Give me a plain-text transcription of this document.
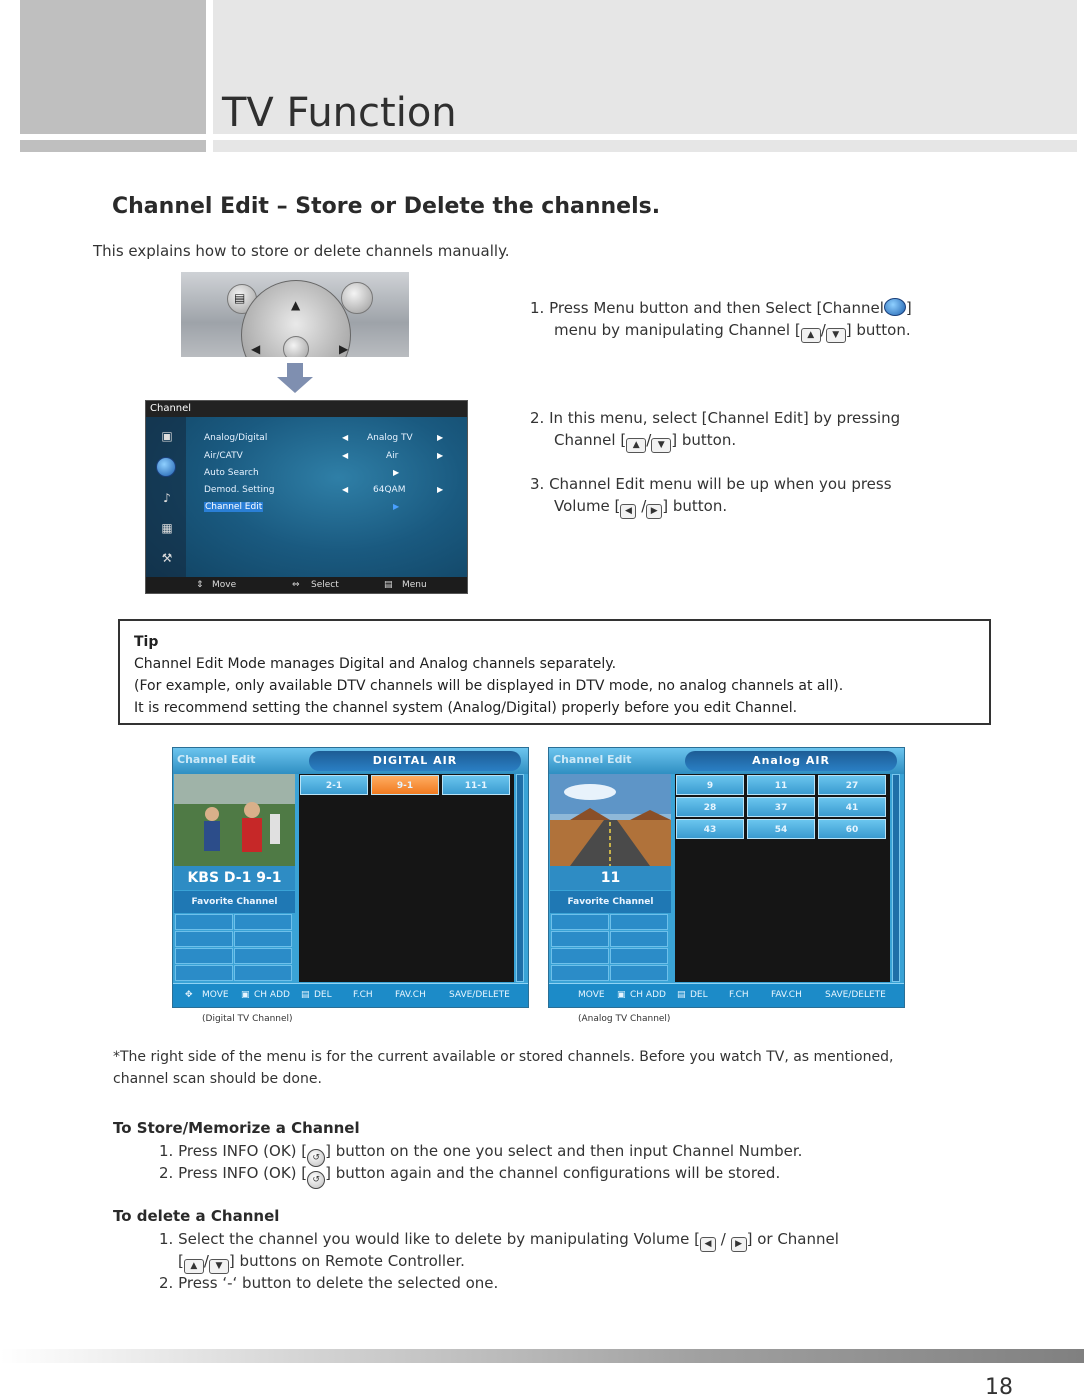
TV Function
Channel Edit – Store or Delete the channels.
This explains how to store or delete channels manually.
▤	▲
◀	▶
Channel
▣
♪
▦
⚒
Analog/Digital	◀ Analog TV	▶
Air/CATV	◀	Air	▶
Auto Search	▶
Demod. Setting	◀	64QAM	▶
Channel Edit	▶
⇕ Move	⇔ Select	▤ Menu
1. Press Menu button and then Select [Channel ]
menu by manipulating Channel [ ▲ / ▼ ] button.
2. In this menu, select [Channel Edit] by pressing
Channel [ ▲ / ▼ ] button.
3. Channel Edit menu will be up when you press
Volume [ ◀ / ▶ ] button.
Tip
Channel Edit Mode manages Digital and Analog channels separately.
(For example, only available DTV channels will be displayed in DTV mode, no analog channels at all).
It is recommend setting the channel system (Analog/Digital) properly before you edit Channel.
Channel Edit	DIGITAL AIR
KBS D-1 9-1
Favorite Channel
2-1	9-1	11-1
✥ MOVE ▣ CH ADD ▤ DEL F.CH FAV.CH	SAVE/DELETE
(Digital TV Channel)
Channel Edit	Analog AIR
11
Favorite Channel
9	11	27
28	37	41
43	54	60
MOVE ▣ CH ADD ▤ DEL F.CH FAV.CH	SAVE/DELETE
(Analog TV Channel)
*The right side of the menu is for the current available or stored channels. Before you watch TV, as mentioned,
channel scan should be done.
To Store/Memorize a Channel
1. Press INFO (OK) [ ↺ ] button on the one you select and then input Channel Number.
2. Press INFO (OK) [ ↺ ] button again and the channel configurations will be stored.
To delete a Channel
1. Select the channel you would like to delete by manipulating Volume [ ◀ / ▶ ] or Channel
[ ▲ / ▼ ] buttons on Remote Controller.
2. Press ‘-‘ button to delete the selected one.
18
